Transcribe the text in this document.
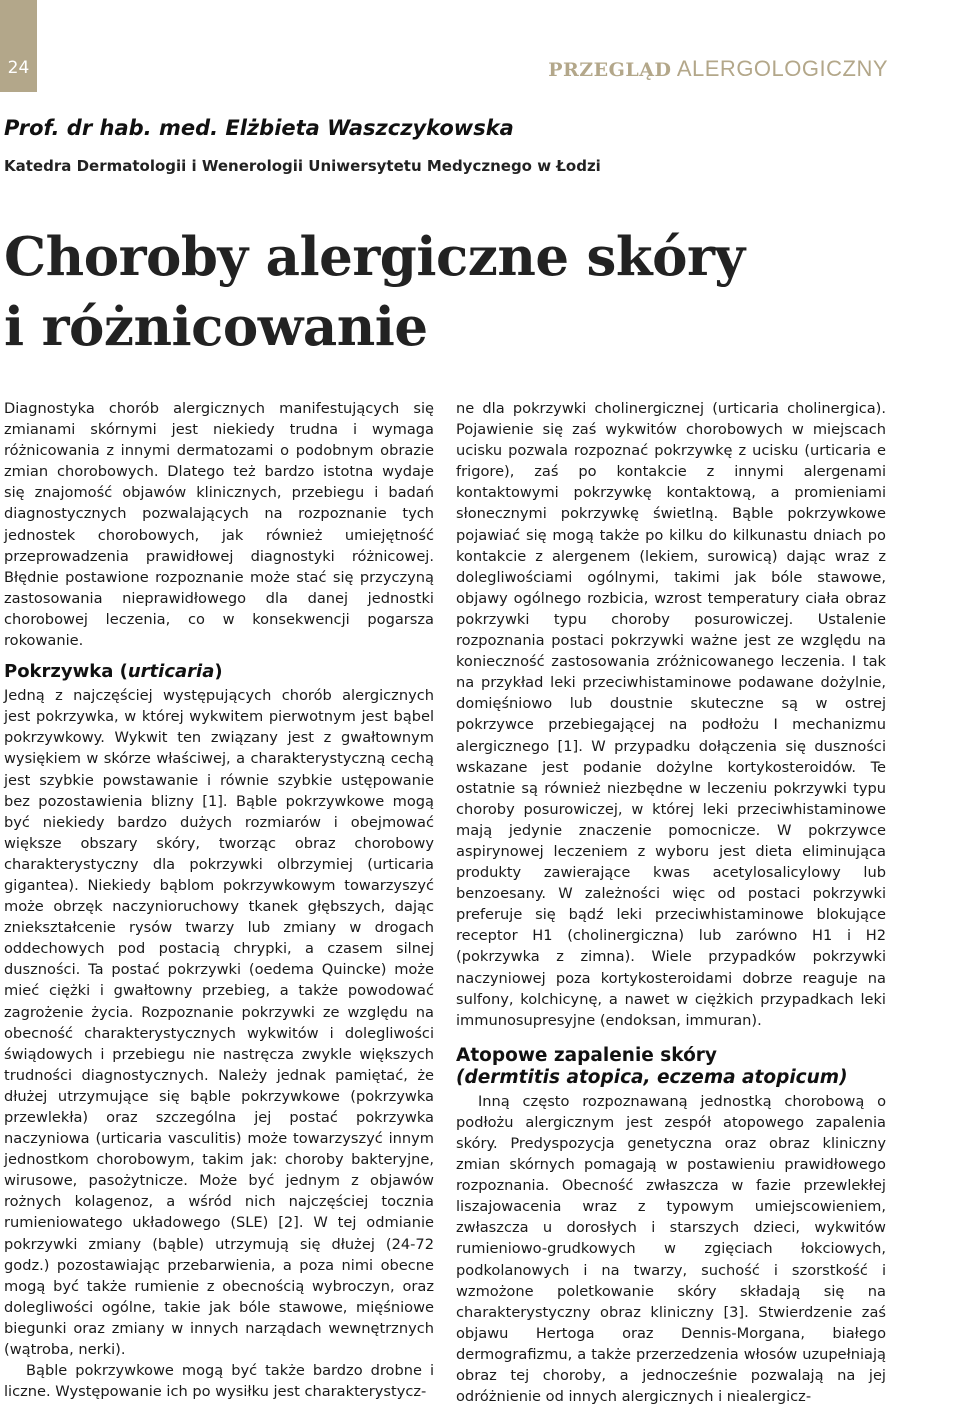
24	PRZEGLĄD ALERGOLOGICZNY
Prof. dr hab. med. Elżbieta Waszczykowska
Katedra Dermatologii i Wenerologii Uniwersytetu Medycznego w Łodzi
Choroby alergiczne skóry
i różnicowanie

Diagnostyka chorób alergicznych manifestujących się zmianami skórnymi jest niekiedy trudna i wymaga różnicowania z innymi dermatozami o podobnym obrazie zmian chorobowych. Dlatego też bardzo istotna wydaje się znajomość objawów klinicznych, przebiegu i badań diagnostycznych pozwalających na rozpoznanie tych jednostek chorobowych, jak również umiejętność przeprowadzenia prawidłowej diagnostyki różnicowej. Błędnie postawione rozpoznanie może stać się przyczyną zastosowania nieprawidłowego dla danej jednostki chorobowej leczenia, co w konsekwencji pogarsza rokowanie.

Pokrzywka (urticaria)

Jedną z najczęściej występujących chorób alergicznych jest pokrzywka, w której wykwitem pierwotnym jest bąbel pokrzywkowy. Wykwit ten związany jest z gwałtownym wysiękiem w skórze właściwej, a charakterystyczną cechą jest szybkie powstawanie i równie szybkie ustępowanie bez pozostawienia blizny [1]. Bąble pokrzywkowe mogą być niekiedy bardzo dużych rozmiarów i obejmować większe obszary skóry, tworząc obraz chorobowy charakterystyczny dla pokrzywki olbrzymiej (urticaria gigantea). Niekiedy bąblom pokrzywkowym towarzyszyć może obrzęk naczynioruchowy tkanek głębszych, dając zniekształcenie rysów twarzy lub zmiany w drogach oddechowych pod postacią chrypki, a czasem silnej duszności. Ta postać pokrzywki (oedema Quincke) może mieć ciężki i gwałtowny przebieg, a także powodować zagrożenie życia. Rozpoznanie pokrzywki ze względu na obecność charakterystycznych wykwitów i dolegliwości świądowych i przebiegu nie nastręcza zwykle większych trudności diagnostycznych. Należy jednak pamiętać, że dłużej utrzymujące się bąble pokrzywkowe (pokrzywka przewlekła) oraz szczególna jej postać pokrzywka naczyniowa (urticaria vasculitis) może towarzyszyć innym jednostkom chorobowym, takim jak: choroby bakteryjne, wirusowe, pasożytnicze. Może być jednym z objawów rożnych kolagenoz, a wśród nich najczęściej tocznia rumieniowatego układowego (SLE) [2]. W tej odmianie pokrzywki zmiany (bąble) utrzymują się dłużej (24-72 godz.) pozostawiając przebarwienia, a poza nimi obecne mogą być także rumienie z obecnością wybroczyn, oraz dolegliwości ogólne, takie jak bóle stawowe, mięśniowe biegunki oraz zmiany w innych narządach wewnętrznych (wątroba, nerki).

Bąble pokrzywkowe mogą być także bardzo drobne i liczne. Występowanie ich po wysiłku jest charakterystycz-

ne dla pokrzywki cholinergicznej (urticaria cholinergica). Pojawienie się zaś wykwitów chorobowych w miejscach ucisku pozwala rozpoznać pokrzywkę z ucisku (urticaria e frigore), zaś po kontakcie z innymi alergenami kontaktowymi pokrzywkę kontaktową, a promieniami słonecznymi pokrzywkę świetlną. Bąble pokrzywkowe pojawiać się mogą także po kilku do kilkunastu dniach po kontakcie z alergenem (lekiem, surowicą) dając wraz z dolegliwościami ogólnymi, takimi jak bóle stawowe, objawy ogólnego rozbicia, wzrost temperatury ciała obraz pokrzywki typu choroby posurowiczej. Ustalenie rozpoznania postaci pokrzywki ważne jest ze względu na konieczność zastosowania zróżnicowanego leczenia. I tak na przykład leki przeciwhistaminowe podawane dożylnie, domięśniowo lub doustnie skuteczne są w ostrej pokrzywce przebiegającej na podłożu I mechanizmu alergicznego [1]. W przypadku dołączenia się duszności wskazane jest podanie dożylne kortykosteroidów. Te ostatnie są również niezbędne w leczeniu pokrzywki typu choroby posurowiczej, w której leki przeciwhistaminowe mają jedynie znaczenie pomocnicze. W pokrzywce aspirynowej leczeniem z wyboru jest dieta eliminująca produkty zawierające kwas acetylosalicylowy lub benzoesany. W zależności więc od postaci pokrzywki preferuje się bądź leki przeciwhistaminowe blokujące receptor H1 (cholinergiczna) lub zarówno H1 i H2 (pokrzywka z zimna). Wiele przypadków pokrzywki naczyniowej poza kortykosteroidami dobrze reaguje na sulfony, kolchicynę, a nawet w ciężkich przypadkach leki immunosupresyjne (endoksan, immuran).

Atopowe zapalenie skóry
(dermtitis atopica, eczema atopicum)

Inną często rozpoznawaną jednostką chorobową o podłożu alergicznym jest zespół atopowego zapalenia skóry. Predyspozycja genetyczna oraz obraz kliniczny zmian skórnych pomagają w postawieniu prawidłowego rozpoznania. Obecność zwłaszcza w fazie przewlekłej liszajowacenia wraz z typowym umiejscowieniem, zwłaszcza u dorosłych i starszych dzieci, wykwitów rumieniowo-grudkowych w zgięciach łokciowych, podkolanowych i na twarzy, suchość i szorstkość i wzmożone poletkowanie skóry składają się na charakterystyczny obraz kliniczny [3]. Stwierdzenie zaś objawu Hertoga oraz Dennis-Morgana, białego dermografizmu, a także przerzedzenia włosów uzupełniają obraz tej choroby, a jednocześnie pozwalają na jej odróżnienie od innych alergicznych i niealergicz-
